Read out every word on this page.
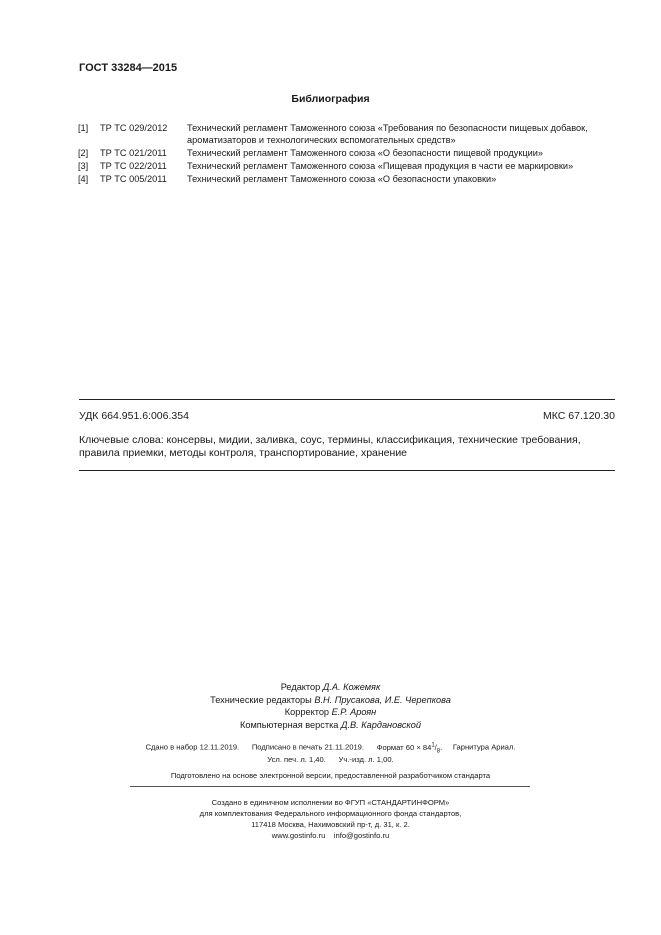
ГОСТ 33284—2015
Библиография
[1] ТР ТС 029/2012 Технический регламент Таможенного союза «Требования по безопасности пищевых добавок, ароматизаторов и технологических вспомогательных средств»
[2] ТР ТС 021/2011 Технический регламент Таможенного союза «О безопасности пищевой продукции»
[3] ТР ТС 022/2011 Технический регламент Таможенного союза «Пищевая продукция в части ее маркировки»
[4] ТР ТС 005/2011 Технический регламент Таможенного союза «О безопасности упаковки»
УДК 664.951.6:006.354	МКС 67.120.30
Ключевые слова: консервы, мидии, заливка, соус, термины, классификация, технические требования, правила приемки, методы контроля, транспортирование, хранение
Редактор Д.А. Кожемяк
Технические редакторы В.Н. Прусакова, И.Е. Черепкова
Корректор Е.Р. Ароян
Компьютерная верстка Д.В. Кардановской
Сдано в набор 12.11.2019. Подписано в печать 21.11.2019. Формат $60 \times 84^1/_8$. Гарнитура Ариал.
Усл. печ. л. 1,40. Уч.-изд. л. 1,00.
Подготовлено на основе электронной версии, предоставленной разработчиком стандарта
Создано в единичном исполнении во ФГУП «СТАНДАРТИНФОРМ»
для комплектования Федерального информационного фонда стандартов,
117418 Москва, Нахимовский пр-т, д. 31, к. 2.
www.gostinfo.ru    info@gostinfo.ru
